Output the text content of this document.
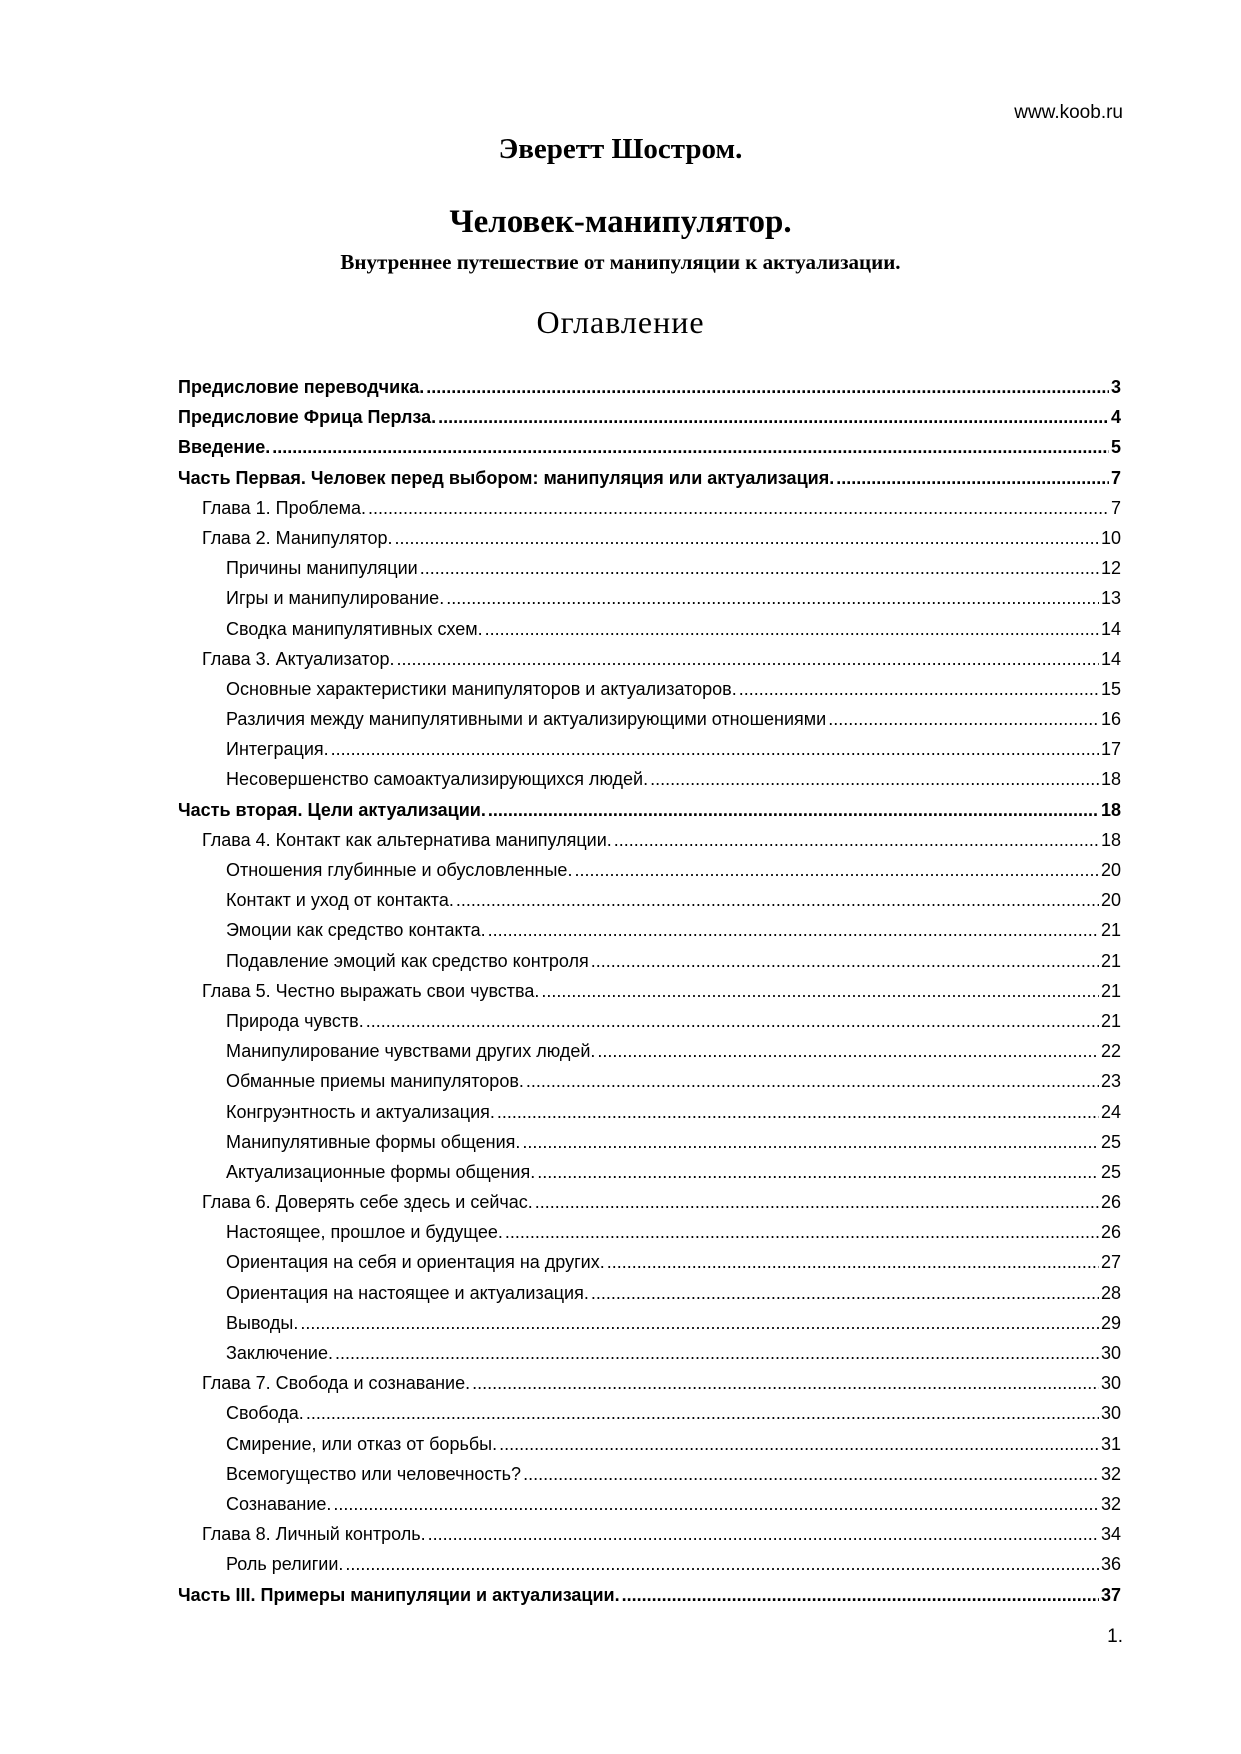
www.koob.ru

Эверетт Шостром.
Человек-манипулятор.
Внутреннее путешествие от манипуляции к актуализации.
Оглавление
Предисловие переводчика. .....	3
Предисловие Фрица Перлза. .....	4
Введение. .....	5
Часть Первая. Человек перед выбором: манипуляция или актуализация. .....	7
Глава 1. Проблема. .....	7
Глава 2. Манипулятор. .....	10
Причины манипуляции .....	12
Игры и манипулирование. .....	13
Сводка манипулятивных схем. .....	14
Глава 3. Актуализатор. .....	14
Основные характеристики манипуляторов и актуализаторов. .....	15
Различия между манипулятивными и актуализирующими отношениями .....	16
Интеграция. .....	17
Несовершенство самоактуализирующихся людей. .....	18
Часть вторая. Цели актуализации. .....	18
Глава 4. Контакт как альтернатива манипуляции. .....	18
Отношения глубинные и обусловленные. .....	20
Контакт и уход от контакта. .....	20
Эмоции как средство контакта. .....	21
Подавление эмоций как средство контроля .....	21
Глава 5. Честно выражать свои чувства. .....	21
Природа чувств. .....	21
Манипулирование чувствами других людей. .....	22
Обманные приемы манипуляторов. .....	23
Конгруэнтность и актуализация. .....	24
Манипулятивные формы общения. .....	25
Актуализационные формы общения. .....	25
Глава 6. Доверять себе здесь и сейчас. .....	26
Настоящее, прошлое и будущее. .....	26
Ориентация на себя и ориентация на других. .....	27
Ориентация на настоящее и актуализация. .....	28
Выводы. .....	29
Заключение. .....	30
Глава 7. Свобода и сознавание. .....	30
Свобода. .....	30
Смирение, или отказ от борьбы. .....	31
Всемогущество или человечность? .....	32
Сознавание. .....	32
Глава 8. Личный контроль. .....	34
Роль религии. .....	36
Часть III. Примеры манипуляции и актуализации. .....	37

1.
